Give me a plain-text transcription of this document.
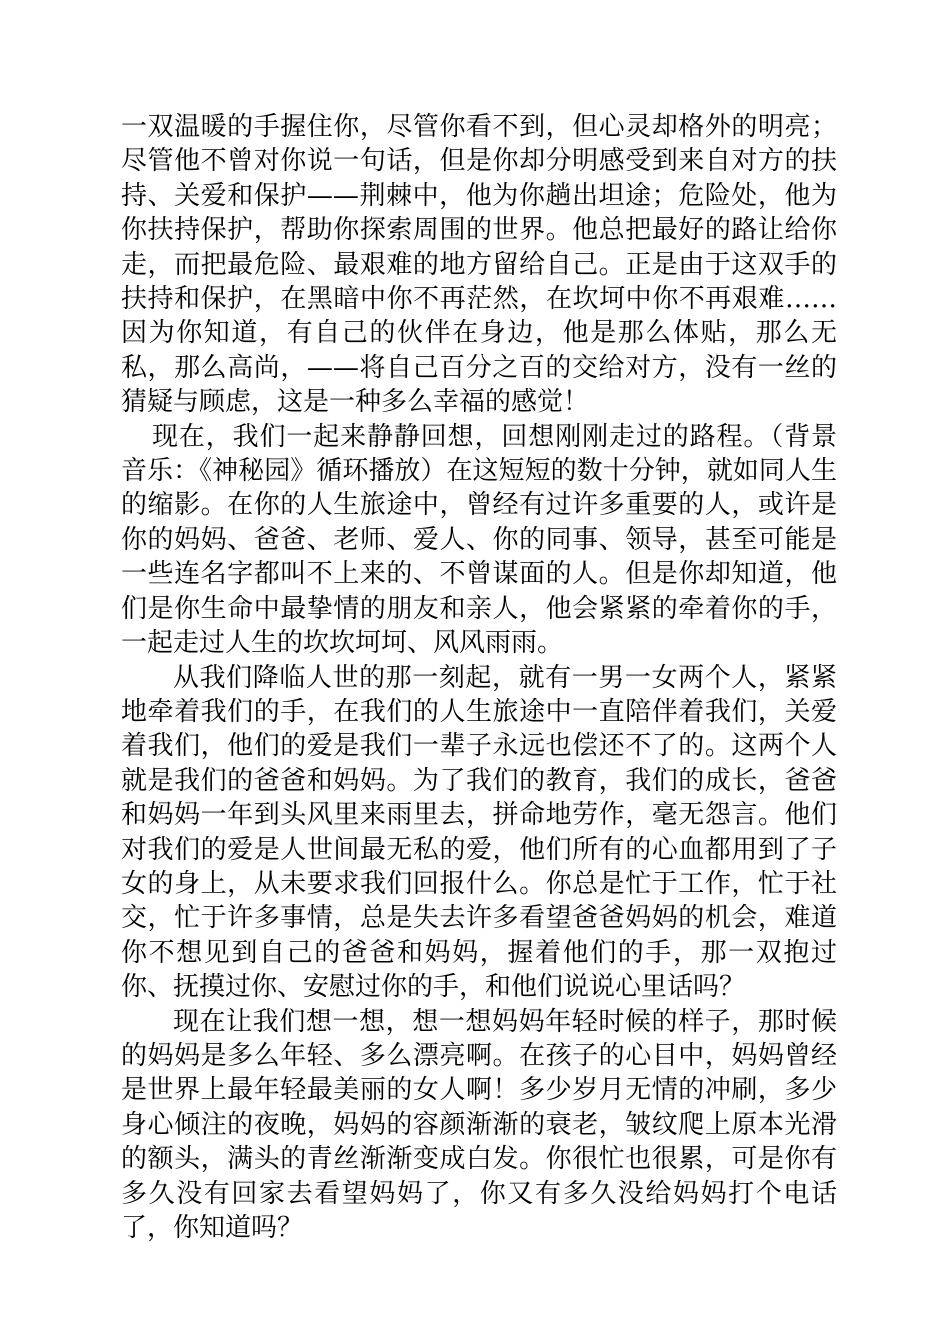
一双温暖的手握住你，尽管你看不到，但心灵却格外的明亮；尽管他不曾对你说一句话，但是你却分明感受到来自对方的扶持、关爱和保护——荆棘中，他为你趟出坦途；危险处，他为你扶持保护，帮助你探索周围的世界。他总把最好的路让给你走，而把最危险、最艰难的地方留给自己。正是由于这双手的扶持和保护，在黑暗中你不再茫然，在坎坷中你不再艰难……因为你知道，有自己的伙伴在身边，他是那么体贴，那么无私，那么高尚，——将自己百分之百的交给对方，没有一丝的猜疑与顾虑，这是一种多么幸福的感觉！

现在，我们一起来静静回想，回想刚刚走过的路程。（背景音乐：《神秘园》循环播放）在这短短的数十分钟，就如同人生的缩影。在你的人生旅途中，曾经有过许多重要的人，或许是你的妈妈、爸爸、老师、爱人、你的同事、领导，甚至可能是一些连名字都叫不上来的、不曾谋面的人。但是你却知道，他们是你生命中最挚情的朋友和亲人，他会紧紧的牵着你的手，一起走过人生的坎坎坷坷、风风雨雨。

从我们降临人世的那一刻起，就有一男一女两个人，紧紧地牵着我们的手，在我们的人生旅途中一直陪伴着我们，关爱着我们，他们的爱是我们一辈子永远也偿还不了的。这两个人就是我们的爸爸和妈妈。为了我们的教育，我们的成长，爸爸和妈妈一年到头风里来雨里去，拼命地劳作，毫无怨言。他们对我们的爱是人世间最无私的爱，他们所有的心血都用到了子女的身上，从未要求我们回报什么。你总是忙于工作，忙于社交，忙于许多事情，总是失去许多看望爸爸妈妈的机会，难道你不想见到自己的爸爸和妈妈，握着他们的手，那一双抱过你、抚摸过你、安慰过你的手，和他们说说心里话吗？

现在让我们想一想，想一想妈妈年轻时候的样子，那时候的妈妈是多么年轻、多么漂亮啊。在孩子的心目中，妈妈曾经是世界上最年轻最美丽的女人啊！多少岁月无情的冲刷，多少身心倾注的夜晚，妈妈的容颜渐渐的衰老，皱纹爬上原本光滑的额头，满头的青丝渐渐变成白发。你很忙也很累，可是你有多久没有回家去看望妈妈了，你又有多久没给妈妈打个电话了，你知道吗？
